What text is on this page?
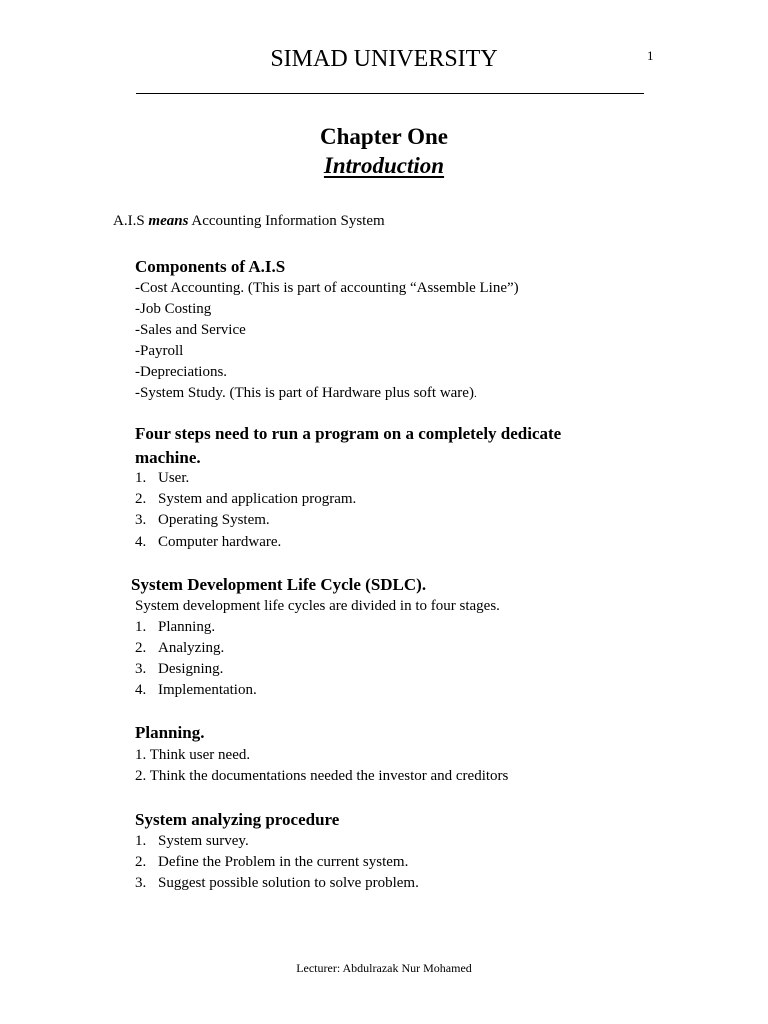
SIMAD UNIVERSITY	1
Chapter One
Introduction
A.I.S means Accounting Information System
Components of A.I.S
-Cost Accounting. (This is part of accounting “Assemble Line”)
-Job Costing
-Sales and Service
-Payroll
-Depreciations.
-System Study. (This is part of Hardware plus soft ware).
Four steps need to run a program on a completely dedicate
machine.
1. User.
2. System and application program.
3. Operating System.
4. Computer hardware.
System Development Life Cycle (SDLC).
System development life cycles are divided in to four stages.
1. Planning.
2. Analyzing.
3. Designing.
4. Implementation.
Planning.
1. Think user need.
2. Think the documentations needed the investor and creditors
System analyzing procedure
1. System survey.
2. Define the Problem in the current system.
3. Suggest possible solution to solve problem.
Lecturer: Abdulrazak Nur Mohamed
